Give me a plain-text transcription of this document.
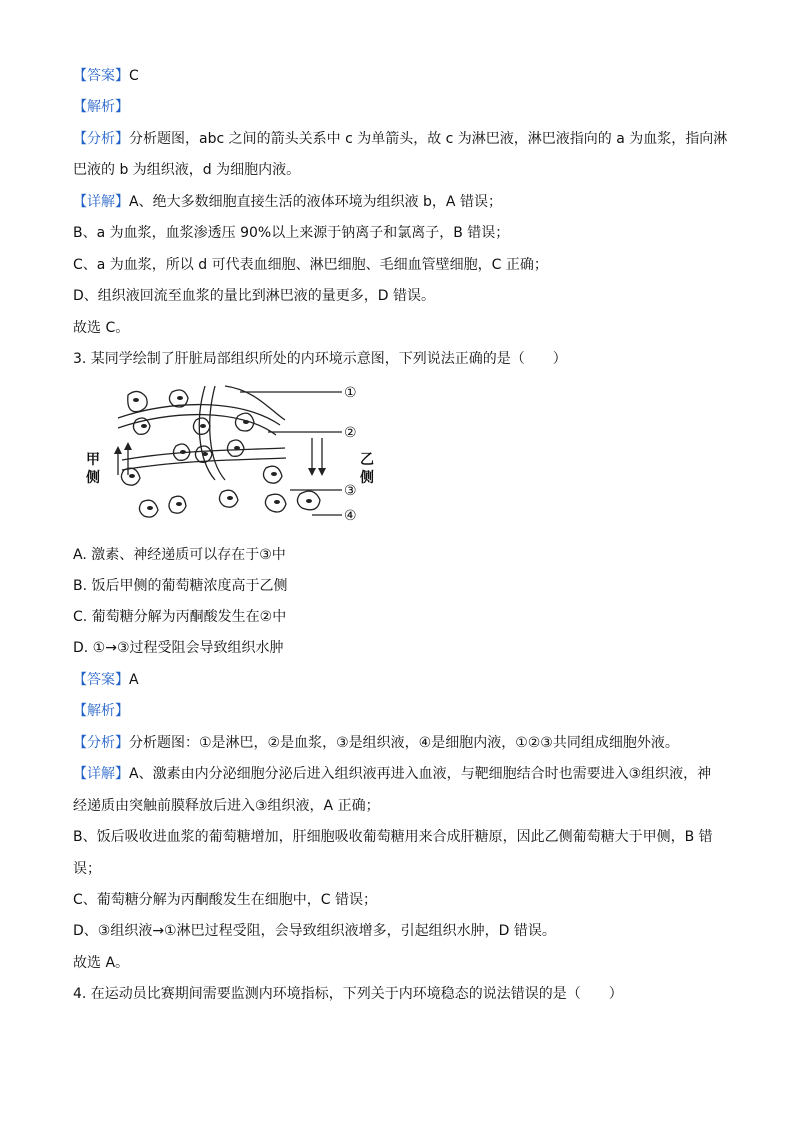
【答案】C
【解析】
【分析】分析题图，abc 之间的箭头关系中 c 为单箭头，故 c 为淋巴液，淋巴液指向的 a 为血浆，指向淋
巴液的 b 为组织液，d 为细胞内液。
【详解】A、绝大多数细胞直接生活的液体环境为组织液 b，A 错误；
B、a 为血浆，血浆渗透压 90%以上来源于钠离子和氯离子，B 错误；
C、a 为血浆，所以 d 可代表血细胞、淋巴细胞、毛细血管壁细胞，C 正确；
D、组织液回流至血浆的量比到淋巴液的量更多，D 错误。
故选 C。
3. 某同学绘制了肝脏局部组织所处的内环境示意图，下列说法正确的是（　　）
①
②
③
④
甲
侧
乙
侧
A. 激素、神经递质可以存在于③中
B. 饭后甲侧的葡萄糖浓度高于乙侧
C. 葡萄糖分解为丙酮酸发生在②中
D. ①→③过程受阻会导致组织水肿
【答案】A
【解析】
【分析】分析题图：①是淋巴，②是血浆，③是组织液，④是细胞内液，①②③共同组成细胞外液。
【详解】A、激素由内分泌细胞分泌后进入组织液再进入血液，与靶细胞结合时也需要进入③组织液，神
经递质由突触前膜释放后进入③组织液，A 正确；
B、饭后吸收进血浆的葡萄糖增加，肝细胞吸收葡萄糖用来合成肝糖原，因此乙侧葡萄糖大于甲侧，B 错
误；
C、葡萄糖分解为丙酮酸发生在细胞中，C 错误；
D、③组织液→①淋巴过程受阻，会导致组织液增多，引起组织水肿，D 错误。
故选 A。
4. 在运动员比赛期间需要监测内环境指标，下列关于内环境稳态的说法错误的是（　　）
